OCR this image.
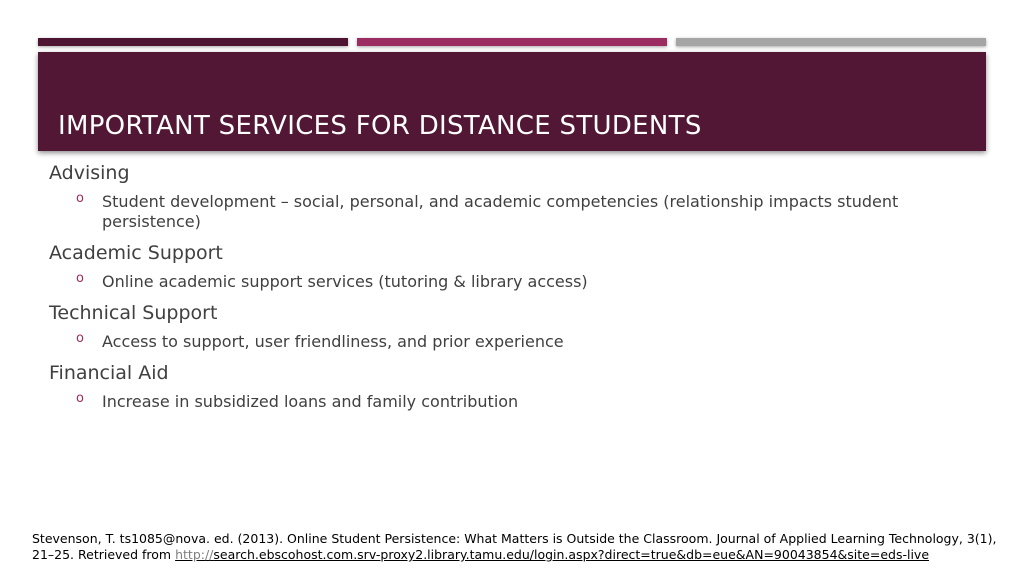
IMPORTANT SERVICES FOR DISTANCE STUDENTS

Advising

o Student development – social, personal, and academic competencies (relationship impacts student persistence)

Academic Support

o Online academic support services (tutoring & library access)

Technical Support

o Access to support, user friendliness, and prior experience

Financial Aid

o Increase in subsidized loans and family contribution

Stevenson, T. ts1085@nova. ed. (2013). Online Student Persistence: What Matters is Outside the Classroom. Journal of Applied Learning Technology, 3(1), 21–25. Retrieved from http://search.ebscohost.com.srv-proxy2.library.tamu.edu/login.aspx?direct=true&db=eue&AN=90043854&site=eds-live
